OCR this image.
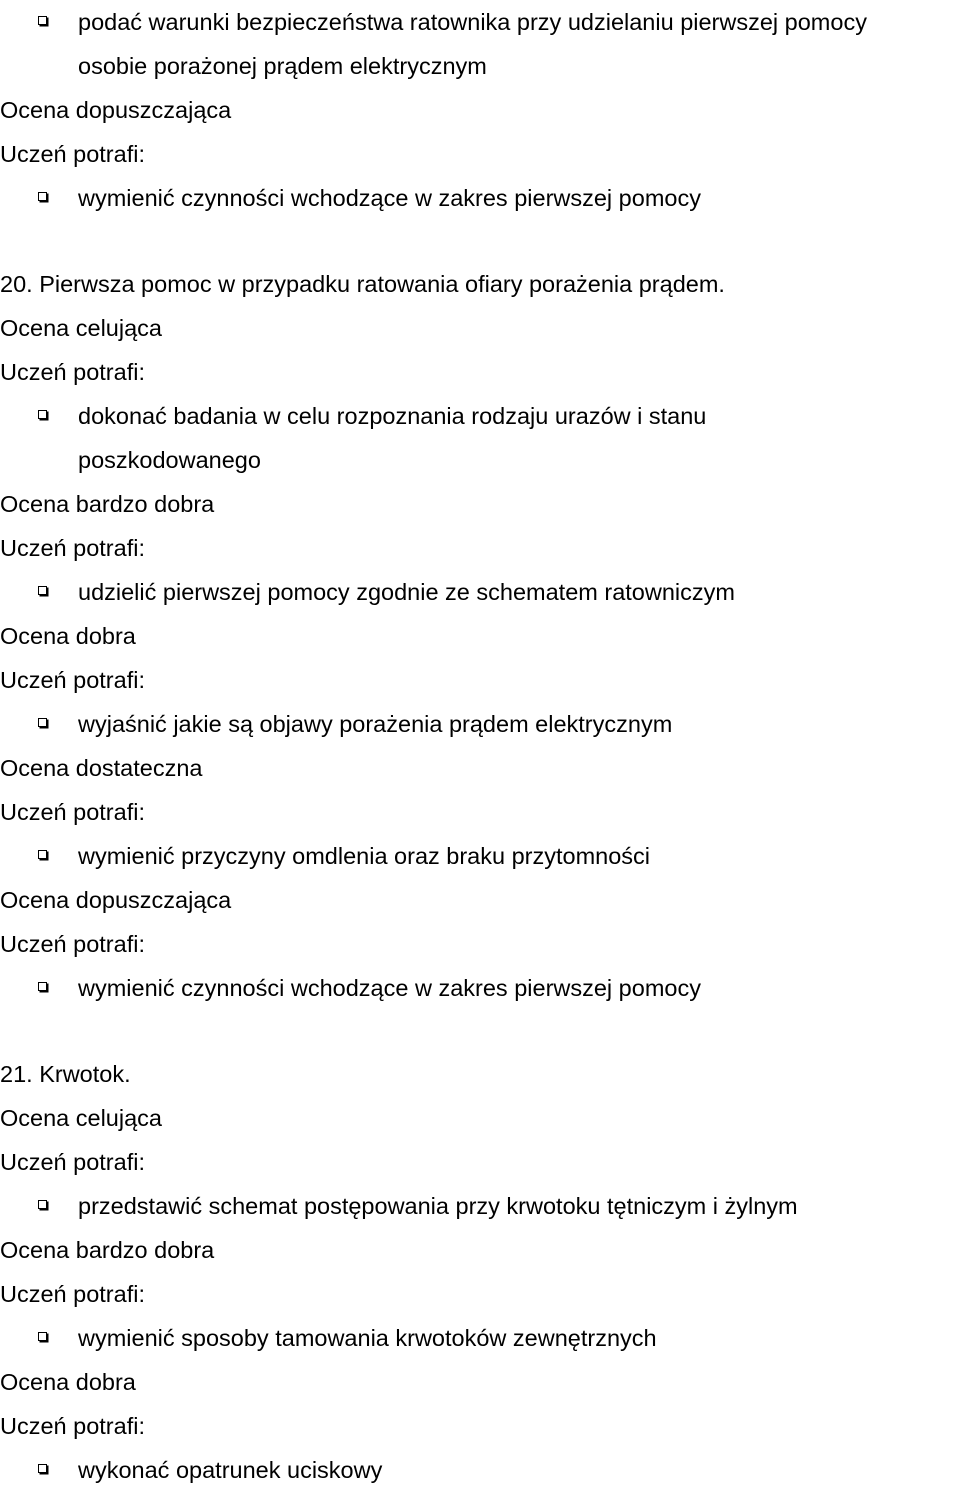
podać warunki bezpieczeństwa ratownika przy udzielaniu pierwszej pomocy
osobie porażonej prądem elektrycznym
Ocena dopuszczająca
Uczeń potrafi:
wymienić czynności wchodzące w zakres pierwszej pomocy
20. Pierwsza pomoc w przypadku ratowania ofiary porażenia prądem.
Ocena celująca
Uczeń potrafi:
dokonać badania w celu rozpoznania rodzaju urazów i stanu
poszkodowanego
Ocena bardzo dobra
Uczeń potrafi:
udzielić pierwszej pomocy zgodnie ze schematem ratowniczym
Ocena dobra
Uczeń potrafi:
wyjaśnić jakie są objawy porażenia prądem elektrycznym
Ocena dostateczna
Uczeń potrafi:
wymienić przyczyny omdlenia oraz braku przytomności
Ocena dopuszczająca
Uczeń potrafi:
wymienić czynności wchodzące w zakres pierwszej pomocy
21. Krwotok.
Ocena celująca
Uczeń potrafi:
przedstawić schemat postępowania przy krwotoku tętniczym i żylnym
Ocena bardzo dobra
Uczeń potrafi:
wymienić sposoby tamowania krwotoków zewnętrznych
Ocena dobra
Uczeń potrafi:
wykonać opatrunek uciskowy
